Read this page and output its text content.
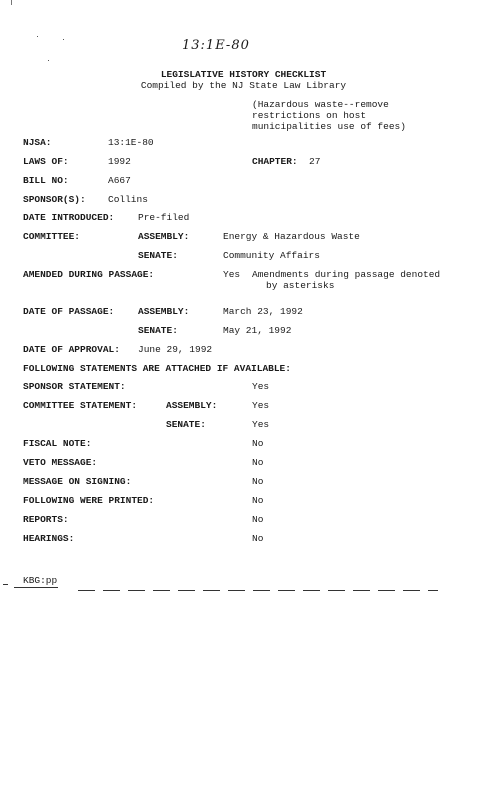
13:1E-80
LEGISLATIVE HISTORY CHECKLIST
Compiled by the NJ State Law Library
(Hazardous waste--remove
restrictions on host
municipalities use of fees)
NJSA:	13:1E-80
LAWS OF:	1992	CHAPTER: 27
BILL NO:	A667
SPONSOR(S): Collins
DATE INTRODUCED:	Pre-filed
COMMITTEE:	ASSEMBLY:	Energy & Hazardous Waste
SENATE:	Community Affairs
AMENDED DURING PASSAGE:	Yes Amendments during passage denoted
by asterisks
DATE OF PASSAGE:	ASSEMBLY:	March 23, 1992
SENATE:	May 21, 1992
DATE OF APPROVAL: June 29, 1992
FOLLOWING STATEMENTS ARE ATTACHED IF AVAILABLE:
SPONSOR STATEMENT:	Yes
COMMITTEE STATEMENT:	ASSEMBLY:	Yes
SENATE:	Yes
FISCAL NOTE:	No
VETO MESSAGE:	No
MESSAGE ON SIGNING:	No
FOLLOWING WERE PRINTED:	No
REPORTS:	No
HEARINGS:	No
KBG:pp
